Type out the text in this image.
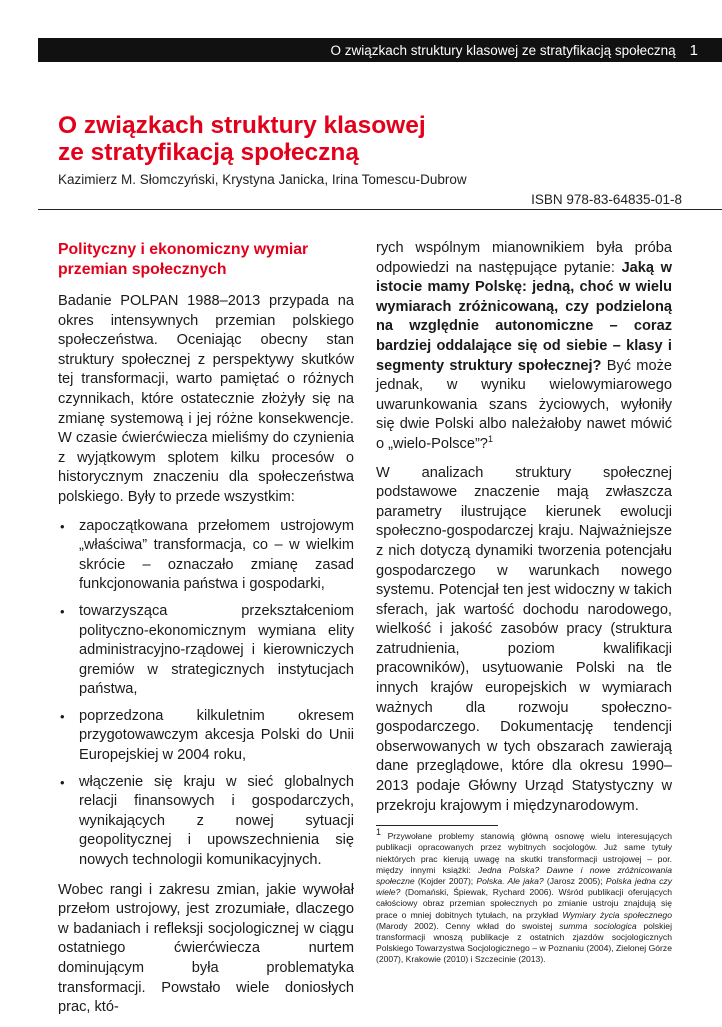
O związkach struktury klasowej ze stratyfikacją społeczną 1
O związkach struktury klasowej
ze stratyfikacją społeczną
Kazimierz M. Słomczyński, Krystyna Janicka, Irina Tomescu-Dubrow
ISBN 978-83-64835-01-8
Polityczny i ekonomiczny wymiar przemian społecznych

Badanie POLPAN 1988–2013 przypada na okres intensywnych przemian polskiego społeczeństwa. Oceniając obecny stan struktury społecznej z perspektywy skutków tej transformacji, warto pamiętać o różnych czynnikach, które ostatecznie złożyły się na zmianę systemową i jej różne konsekwencje. W czasie ćwierćwiecza mieliśmy do czynienia z wyjątkowym splotem kilku procesów o historycznym znaczeniu dla społeczeństwa polskiego. Były to przede wszystkim:

• zapoczątkowana przełomem ustrojowym „właściwa” transformacja, co – w wielkim skrócie – oznaczało zmianę zasad funkcjonowania państwa i gospodarki,
• towarzysząca przekształceniom polityczno-ekonomicznym wymiana elity administracyjno-rządowej i kierowniczych gremiów w strategicznych instytucjach państwa,
• poprzedzona kilkuletnim okresem przygotowawczym akcesja Polski do Unii Europejskiej w 2004 roku,
• włączenie się kraju w sieć globalnych relacji finansowych i gospodarczych, wynikających z nowej sytuacji geopolitycznej i upowszechnienia się nowych technologii komunikacyjnych.

Wobec rangi i zakresu zmian, jakie wywołał przełom ustrojowy, jest zrozumiałe, dlaczego w badaniach i refleksji socjologicznej w ciągu ostatniego ćwierćwiecza nurtem dominującym była problematyka transformacji. Powstało wiele doniosłych prac, któ-

rych wspólnym mianownikiem była próba odpowiedzi na następujące pytanie: Jaką w istocie mamy Polskę: jedną, choć w wielu wymiarach zróżnicowaną, czy podzieloną na względnie autonomiczne – coraz bardziej oddalające się od siebie – klasy i segmenty struktury społecznej? Być może jednak, w wyniku wielowymiarowego uwarunkowania szans życiowych, wyłoniły się dwie Polski albo należałoby nawet mówić o „wielo-Polsce”?$^1$

W analizach struktury społecznej podstawowe znaczenie mają zwłaszcza parametry ilustrujące kierunek ewolucji społeczno-gospodarczej kraju. Najważniejsze z nich dotyczą dynamiki tworzenia potencjału gospodarczego w warunkach nowego systemu. Potencjał ten jest widoczny w takich sferach, jak wartość dochodu narodowego, wielkość i jakość zasobów pracy (struktura zatrudnienia, poziom kwalifikacji pracowników), usytuowanie Polski na tle innych krajów europejskich w wymiarach ważnych dla rozwoju społeczno-gospodarczego. Dokumentację tendencji obserwowanych w tych obszarach zawierają dane przeglądowe, które dla okresu 1990–2013 podaje Główny Urząd Statystyczny w przekroju krajowym i międzynarodowym.

$^1$ Przywołane problemy stanowią główną osnowę wielu interesujących publikacji opracowanych przez wybitnych socjologów. Już same tytuły niektórych prac kierują uwagę na skutki transformacji ustrojowej – por. między innymi książki: Jedna Polska? Dawne i nowe zróżnicowania społeczne (Kojder 2007); Polska. Ale jaka? (Jarosz 2005); Polska jedna czy wiele? (Domański, Śpiewak, Rychard 2006). Wśród publikacji oferujących całościowy obraz przemian społecznych po zmianie ustroju znajdują się prace o mniej dobitnych tytułach, na przykład Wymiary życia społecznego (Marody 2002). Cenny wkład do swoistej summa sociologica polskiej transformacji wnoszą publikacje z ostatnich zjazdów socjologicznych Polskiego Towarzystwa Socjologicznego – w Poznaniu (2004), Zielonej Górze (2007), Krakowie (2010) i Szczecinie (2013).
